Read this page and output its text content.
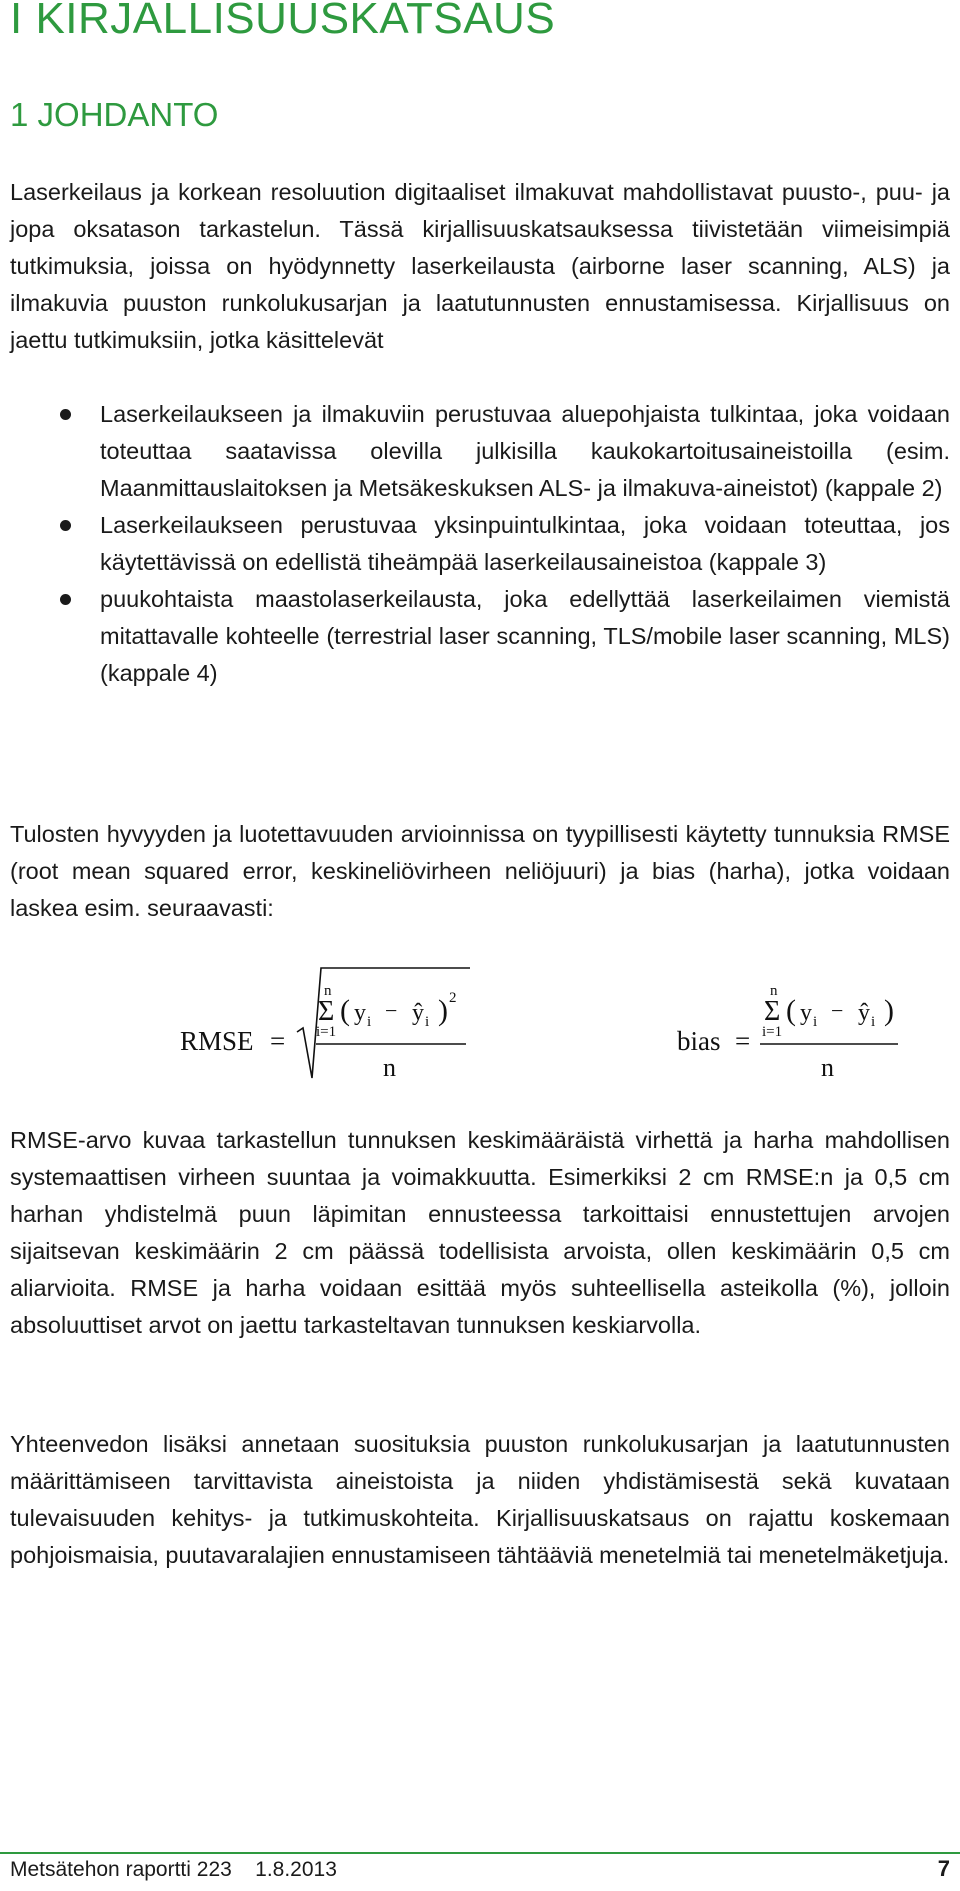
I KIRJALLISUUSKATSAUS
1 JOHDANTO

Laserkeilaus ja korkean resoluution digitaaliset ilmakuvat mahdollistavat puusto-, puu- ja jopa oksatason tarkastelun. Tässä kirjallisuuskatsauksessa tiivistetään viimeisimpiä tutkimuksia, joissa on hyödynnetty laserkeilausta (airborne laser scanning, ALS) ja ilmakuvia puuston runkolukusarjan ja laatutunnusten ennustamisessa. Kirjallisuus on jaettu tutkimuksiin, jotka käsittelevät

Laserkeilaukseen ja ilmakuviin perustuvaa aluepohjaista tulkintaa, joka voidaan toteuttaa saatavissa olevilla julkisilla kaukokartoitusaineistoilla (esim. Maanmittauslaitoksen ja Metsäkeskuksen ALS- ja ilmakuva-aineistot) (kappale 2)
Laserkeilaukseen perustuvaa yksinpuintulkintaa, joka voidaan toteuttaa, jos käytettävissä on edellistä tiheämpää laserkeilausaineistoa (kappale 3)
puukohtaista maastolaserkeilausta, joka edellyttää laserkeilaimen viemistä mitattavalle kohteelle (terrestrial laser scanning, TLS/mobile laser scanning, MLS) (kappale 4)

Tulosten hyvyyden ja luotettavuuden arvioinnissa on tyypillisesti käytetty tunnuksia RMSE (root mean squared error, keskineliövirheen neliöjuuri) ja bias (harha), jotka voidaan laskea esim. seuraavasti:

RMSE =
n
Σ
i=1
( y i − ŷ i ) 2
n
bias =
n
Σ
i=1
( y i − ŷ i )
n

RMSE-arvo kuvaa tarkastellun tunnuksen keskimääräistä virhettä ja harha mahdollisen systemaattisen virheen suuntaa ja voimakkuutta. Esimerkiksi 2 cm RMSE:n ja 0,5 cm harhan yhdistelmä puun läpimitan ennusteessa tarkoittaisi ennustettujen arvojen sijaitsevan keskimäärin 2 cm päässä todellisista arvoista, ollen keskimäärin 0,5 cm aliarvioita. RMSE ja harha voidaan esittää myös suhteellisella asteikolla (%), jolloin absoluuttiset arvot on jaettu tarkasteltavan tunnuksen keskiarvolla.

Yhteenvedon lisäksi annetaan suosituksia puuston runkolukusarjan ja laatutunnusten määrittämiseen tarvittavista aineistoista ja niiden yhdistämisestä sekä kuvataan tulevaisuuden kehitys- ja tutkimuskohteita. Kirjallisuuskatsaus on rajattu koskemaan pohjoismaisia, puutavaralajien ennustamiseen tähtääviä menetelmiä tai menetelmäketjuja.

Metsätehon raportti 223    1.8.2013	7
